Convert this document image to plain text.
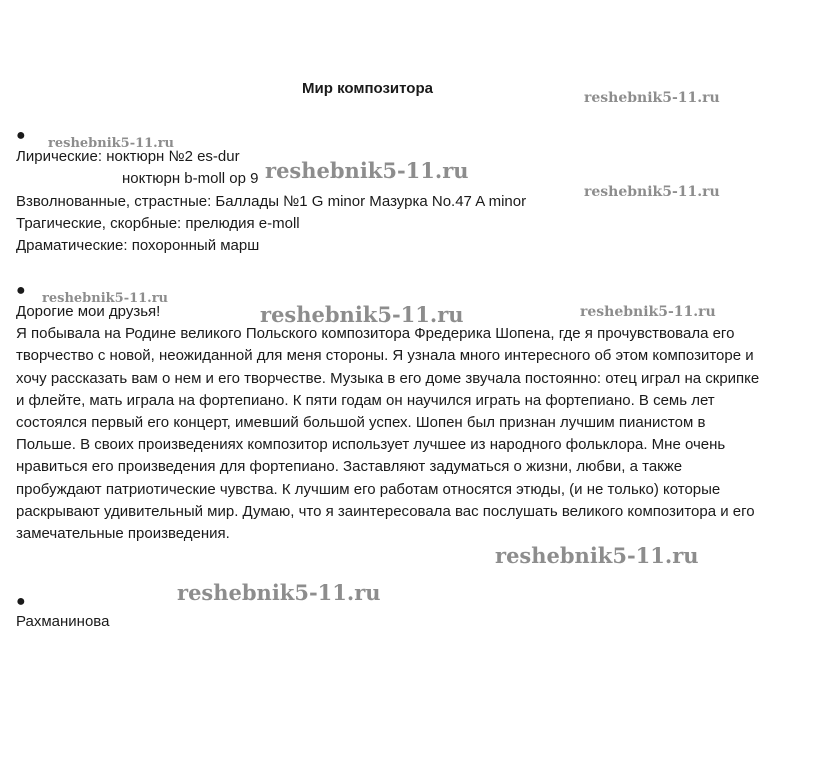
Мир композитора
●
Лирические: ноктюрн №2 es-dur
ноктюрн b-moll op 9
Взволнованные, страстные: Баллады №1 G minor Мазурка No.47 A minor
Трагические, скорбные: прелюдия e-moll
Драматические: похоронный марш
●

Дорогие мои друзья!

Я побывала на Родине великого Польского композитора Фредерика Шопена, где я прочувствовала его творчество с новой, неожиданной для меня стороны. Я узнала много интересного об этом композиторе и хочу рассказать вам о нем и его творчестве. Музыка в его доме звучала постоянно: отец играл на скрипке и флейте, мать играла на фортепиано. К пяти годам он научился играть на фортепиано. В семь лет состоялся первый его концерт, имевший большой успех. Шопен был признан лучшим пианистом в Польше. В своих произведениях композитор использует лучшее из народного фольклора. Мне очень нравиться его произведения для фортепиано. Заставляют задуматься о жизни, любви, а также пробуждают патриотические чувства. К лучшим его работам относятся этюды, (и не только) которые раскрывают удивительный мир. Думаю, что я заинтересовала вас послушать великого композитора и его замечательные произведения.

●
Рахманинова
reshebnik5-11.ru
reshebnik5-11.ru
reshebnik5-11.ru
reshebnik5-11.ru
reshebnik5-11.ru
reshebnik5-11.ru	reshebnik5-11.ru
reshebnik5-11.ru
reshebnik5-11.ru
